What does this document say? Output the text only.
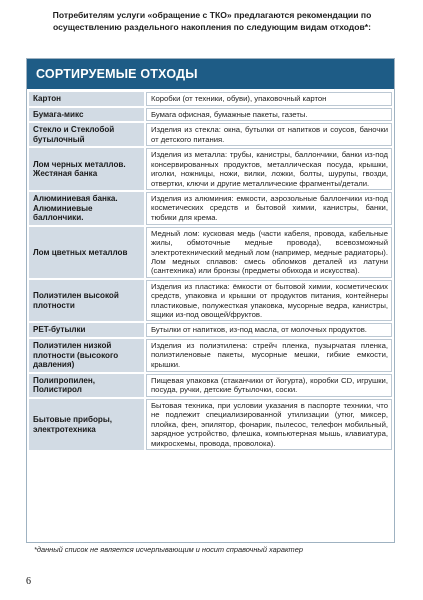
Потребителям услуги «обращение с ТКО» предлагаются рекомендации по осуществлению раздельного накопления по следующим видам отходов*:
СОРТИРУЕМЫЕ ОТХОДЫ
Картон	Коробки (от техники, обуви), упаковочный картон
Бумага-микс	Бумага офисная, бумажные пакеты, газеты.
Стекло и Стеклобой бутылочный	Изделия из стекла: окна, бутылки от напитков и соусов, баночки от детского питания.
Лом черных металлов. Жестяная банка	Изделия из металла: трубы, канистры, баллончики, банки из-под консервированных продуктов, металлическая посуда, крышки, иголки, ножницы, ножи, вилки, ложки, болты, шурупы, гвозди, отвертки, ключи и другие металлические фрагменты/детали.
Алюминиевая банка. Алюминиевые баллончики.	Изделия из алюминия: емкости, аэрозольные баллончики из-под косметических средств и бытовой химии, канистры, банки, тюбики для крема.
Лом цветных металлов	Медный лом: кусковая медь (части кабеля, провода, кабельные жилы, обмоточные медные провода), всевозможный электротехнический медный лом (например, медные радиаторы). Лом медных сплавов: смесь обломков деталей из латуни (сантехника) или бронзы (предметы обихода и искусства).
Полиэтилен высокой плотности	Изделия из пластика: ёмкости от бытовой химии, косметических средств, упаковка и крышки от продуктов питания, контейнеры пластиковые, полужесткая упаковка, мусорные ведра, канистры, ящики из-под овощей/фруктов.
PET-бутылки	Бутылки от напитков, из-под масла, от молочных продуктов.
Полиэтилен низкой плотности (высокого давления)	Изделия из полиэтилена: стрейч пленка, пузырчатая пленка, полиэтиленовые пакеты, мусорные мешки, гибкие емкости, крышки.
Полипропилен, Полистирол	Пищевая упаковка (стаканчики от йогурта), коробки CD, игрушки, посуда, ручки, детские бутылочки, соски.
Бытовые приборы, электротехника	Бытовая техника, при условии указания в паспорте техники, что не подлежит специализированной утилизации (утюг, миксер, плойка, фен, эпилятор, фонарик, пылесос, телефон мобильный, зарядное устройство, флешка, компьютерная мышь, клавиатура, микросхемы, провода, проволока).
*данный список не является исчерпывающим и носит справочный характер
6
